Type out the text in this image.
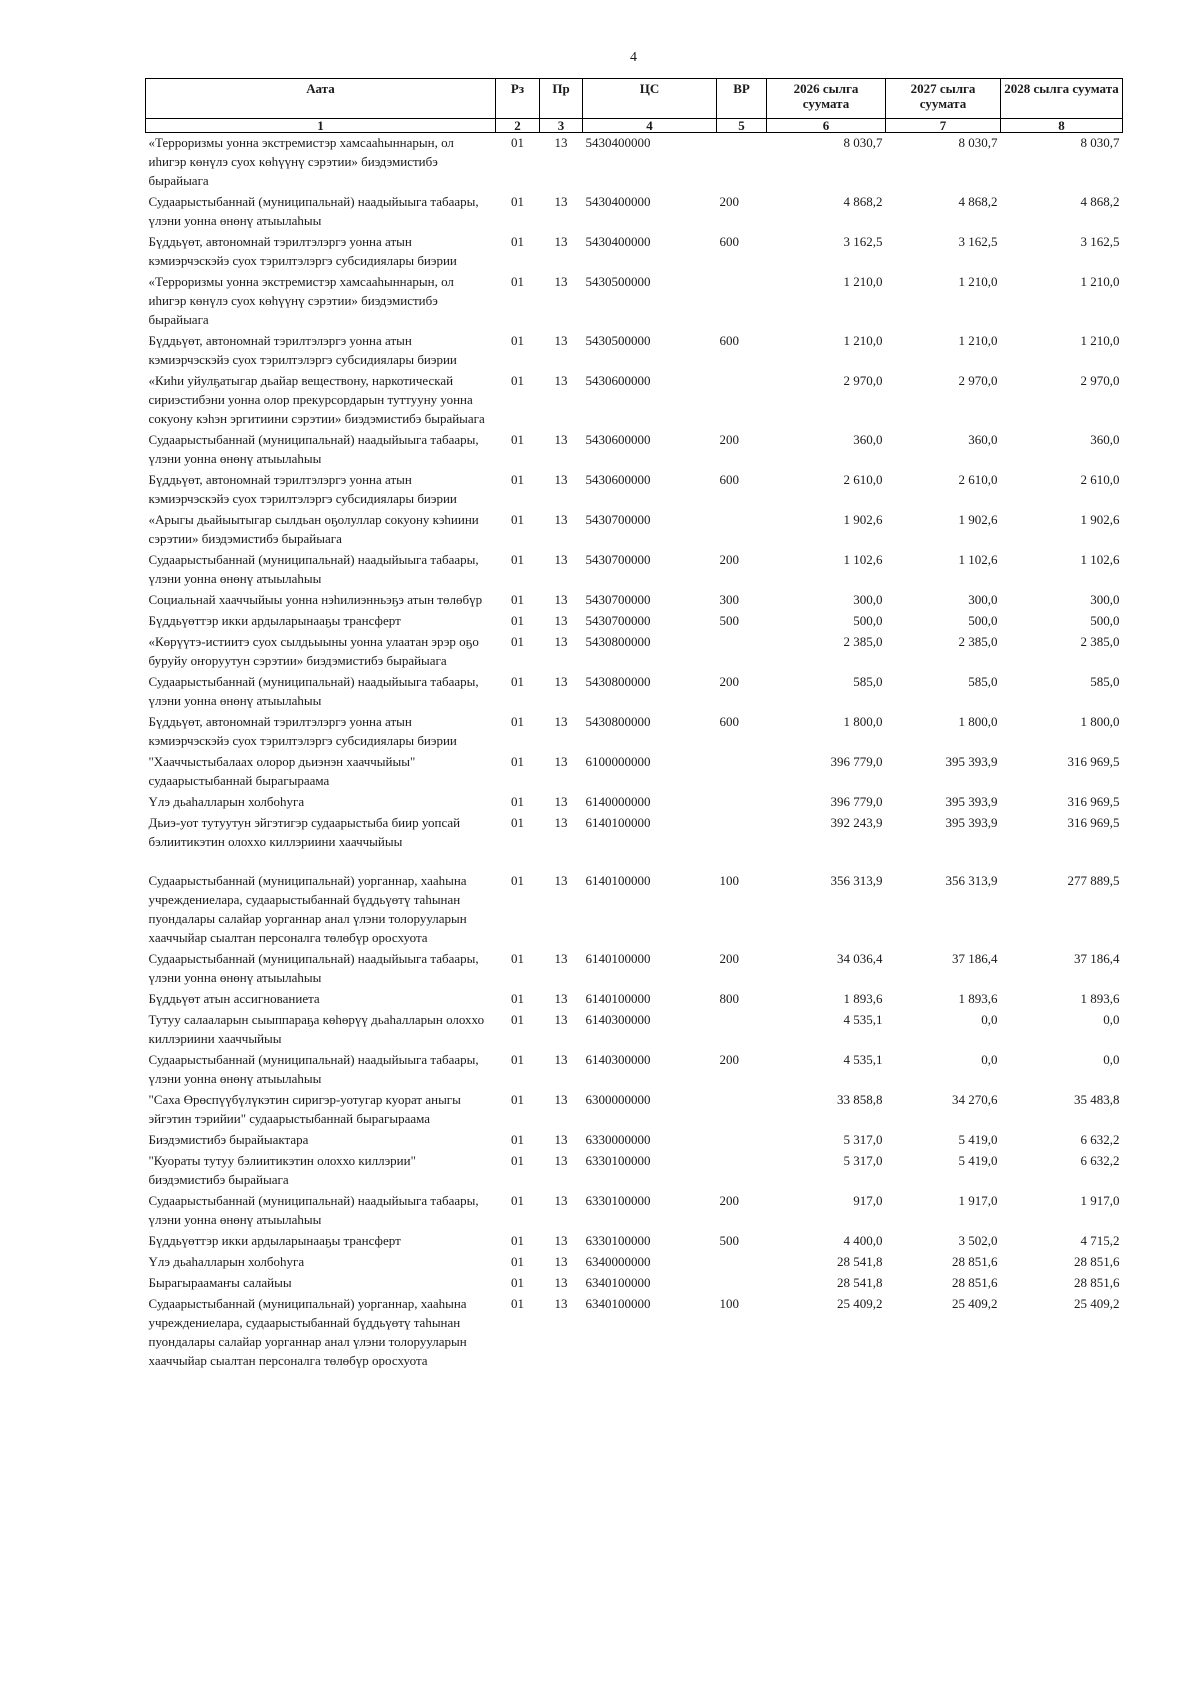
4
Аата	Рз	Пр	ЦС	ВР	2026 сылга суумата	2027 сылга суумата	2028 сылга суумата
1	2	3	4	5	6	7	8
«Терроризмы уонна экстремистэр хамсааһыннарын, ол иһигэр көнүлэ суох көһүүнү сэрэтии» биэдэмистибэ бырайыага	01	13	5430400000		8 030,7	8 030,7	8 030,7
Судаарыстыбаннай (муниципальнай) наадыйыыга табаары, үлэни уонна өнөнү атыылаһыы	01	13	5430400000	200	4 868,2	4 868,2	4 868,2
Бүддьүөт, автономнай тэрилтэлэргэ уонна атын кэмиэрчэскэйэ суох тэрилтэлэргэ субсидиялары биэрии	01	13	5430400000	600	3 162,5	3 162,5	3 162,5
«Терроризмы уонна экстремистэр хамсааһыннарын, ол иһигэр көнүлэ суох көһүүнү сэрэтии» биэдэмистибэ бырайыага	01	13	5430500000		1 210,0	1 210,0	1 210,0
Бүддьүөт, автономнай тэрилтэлэргэ уонна атын кэмиэрчэскэйэ суох тэрилтэлэргэ субсидиялары биэрии	01	13	5430500000	600	1 210,0	1 210,0	1 210,0
«Киһи уйулҕатыгар дьайар веществону, наркотическай сириэстибэни уонна олор прекурсордарын туттууну уонна сокуону кэһэн эргитиини сэрэтии» биэдэмистибэ бырайыага	01	13	5430600000		2 970,0	2 970,0	2 970,0
Судаарыстыбаннай (муниципальнай) наадыйыыга табаары, үлэни уонна өнөнү атыылаһыы	01	13	5430600000	200	360,0	360,0	360,0
Бүддьүөт, автономнай тэрилтэлэргэ уонна атын кэмиэрчэскэйэ суох тэрилтэлэргэ субсидиялары биэрии	01	13	5430600000	600	2 610,0	2 610,0	2 610,0
«Арыгы дьайыытыгар сылдьан оҕолуллар сокуону кэһиини сэрэтии» биэдэмистибэ бырайыага	01	13	5430700000		1 902,6	1 902,6	1 902,6
Судаарыстыбаннай (муниципальнай) наадыйыыга табаары, үлэни уонна өнөнү атыылаһыы	01	13	5430700000	200	1 102,6	1 102,6	1 102,6
Социальнай хааччыйыы уонна нэһилиэнньэҕэ атын төлөбүр	01	13	5430700000	300	300,0	300,0	300,0
Бүддьүөттэр икки ардыларынааҕы трансферт	01	13	5430700000	500	500,0	500,0	500,0
«Көрүүтэ-истиитэ суох сылдьыыны уонна улаатан эрэр оҕо буруйу оҥоруутун сэрэтии» биэдэмистибэ бырайыага	01	13	5430800000		2 385,0	2 385,0	2 385,0
Судаарыстыбаннай (муниципальнай) наадыйыыга табаары, үлэни уонна өнөнү атыылаһыы	01	13	5430800000	200	585,0	585,0	585,0
Бүддьүөт, автономнай тэрилтэлэргэ уонна атын кэмиэрчэскэйэ суох тэрилтэлэргэ субсидиялары биэрии	01	13	5430800000	600	1 800,0	1 800,0	1 800,0
"Хааччыстыбалаах олорор дьиэнэн хааччыйыы" судаарыстыбаннай бырагыраама	01	13	6100000000		396 779,0	395 393,9	316 969,5
Үлэ дьаһалларын холбоһуга	01	13	6140000000		396 779,0	395 393,9	316 969,5
Дьиэ-уот тутуутун эйгэтигэр судаарыстыба биир уопсай бэлиитикэтин олоххо киллэриини хааччыйыы	01	13	6140100000		392 243,9	395 393,9	316 969,5
Судаарыстыбаннай (муниципальнай) уорганнар, хааһына учреждениелара, судаарыстыбаннай бүддьүөтү таһынан пуондалары салайар уорганнар анал үлэни толорууларын хааччыйар сыалтан персоналга төлөбүр оросхуота	01	13	6140100000	100	356 313,9	356 313,9	277 889,5
Судаарыстыбаннай (муниципальнай) наадыйыыга табаары, үлэни уонна өнөнү атыылаһыы	01	13	6140100000	200	34 036,4	37 186,4	37 186,4
Бүддьүөт атын ассигнованиета	01	13	6140100000	800	1 893,6	1 893,6	1 893,6
Тутуу салааларын сыыппараҕа көһөрүү дьаһалларын олоххо киллэриини хааччыйыы	01	13	6140300000		4 535,1	0,0	0,0
Судаарыстыбаннай (муниципальнай) наадыйыыга табаары, үлэни уонна өнөнү атыылаһыы	01	13	6140300000	200	4 535,1	0,0	0,0
"Саха Өрөспүүбүлүкэтин сиригэр-уотугар куорат аныгы эйгэтин тэрийии" судаарыстыбаннай бырагыраама	01	13	6300000000		33 858,8	34 270,6	35 483,8
Биэдэмистибэ бырайыактара	01	13	6330000000		5 317,0	5 419,0	6 632,2
"Куораты тутуу бэлиитикэтин олоххо киллэрии" биэдэмистибэ бырайыага	01	13	6330100000		5 317,0	5 419,0	6 632,2
Судаарыстыбаннай (муниципальнай) наадыйыыга табаары, үлэни уонна өнөнү атыылаһыы	01	13	6330100000	200	917,0	1 917,0	1 917,0
Бүддьүөттэр икки ардыларынааҕы трансферт	01	13	6330100000	500	4 400,0	3 502,0	4 715,2
Үлэ дьаһалларын холбоһуга	01	13	6340000000		28 541,8	28 851,6	28 851,6
Бырагыраамаҥы салайыы	01	13	6340100000		28 541,8	28 851,6	28 851,6
Судаарыстыбаннай (муниципальнай) уорганнар, хааһына учреждениелара, судаарыстыбаннай бүддьүөтү таһынан пуондалары салайар уорганнар анал үлэни толорууларын хааччыйар сыалтан персоналга төлөбүр оросхуота	01	13	6340100000	100	25 409,2	25 409,2	25 409,2
